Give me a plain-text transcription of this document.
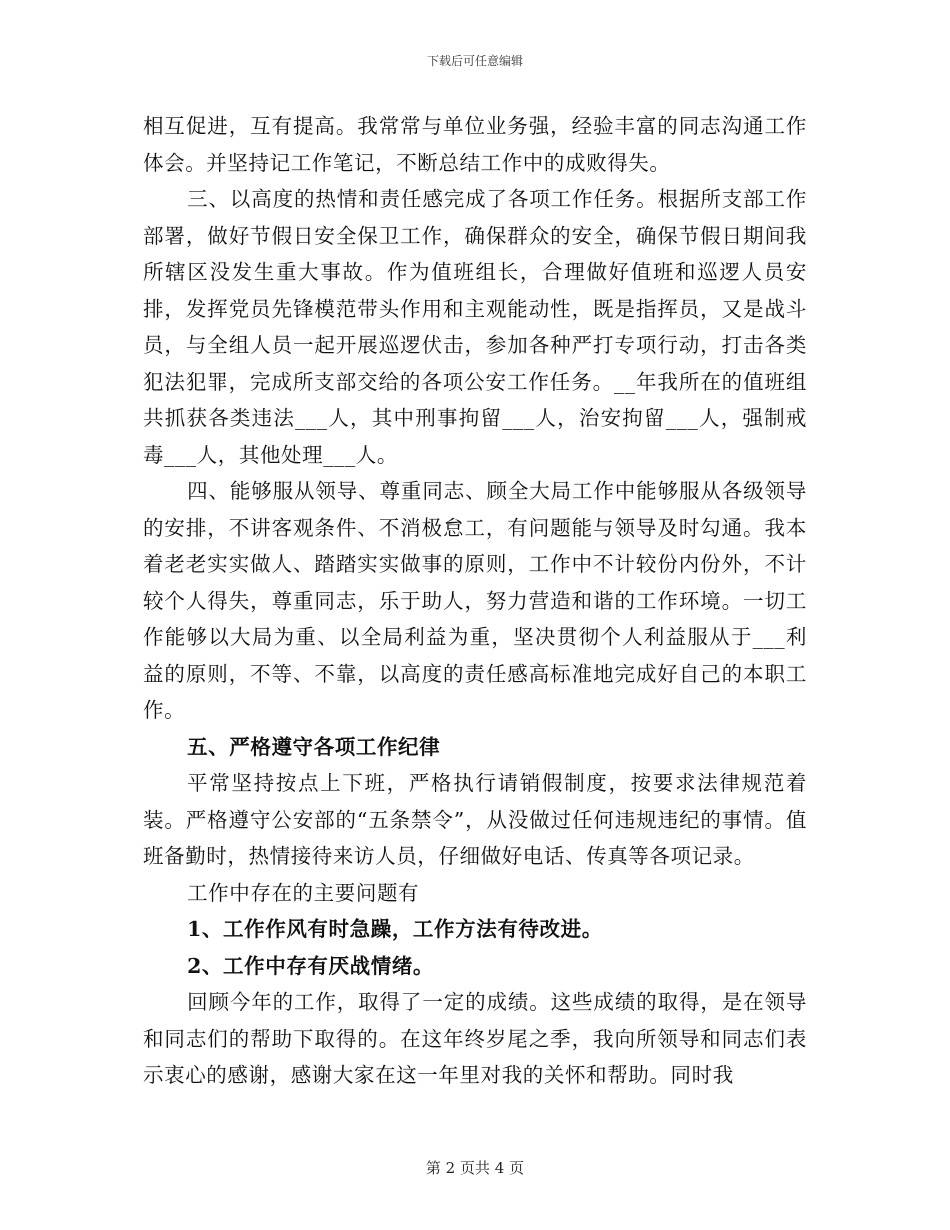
下载后可任意编辑

相互促进，互有提高。我常常与单位业务强，经验丰富的同志沟通工作体会。并坚持记工作笔记，不断总结工作中的成败得失。

三、以高度的热情和责任感完成了各项工作任务。根据所支部工作部署，做好节假日安全保卫工作，确保群众的安全，确保节假日期间我所辖区没发生重大事故。作为值班组长，合理做好值班和巡逻人员安排，发挥党员先锋模范带头作用和主观能动性，既是指挥员，又是战斗员，与全组人员一起开展巡逻伏击，参加各种严打专项行动，打击各类犯法犯罪，完成所支部交给的各项公安工作任务。__年我所在的值班组共抓获各类违法___人，其中刑事拘留___人，治安拘留___人，强制戒毒___人，其他处理___人。

四、能够服从领导、尊重同志、顾全大局工作中能够服从各级领导的安排，不讲客观条件、不消极怠工，有问题能与领导及时勾通。我本着老老实实做人、踏踏实实做事的原则，工作中不计较份内份外，不计较个人得失，尊重同志，乐于助人，努力营造和谐的工作环境。一切工作能够以大局为重、以全局利益为重，坚决贯彻个人利益服从于___利益的原则，不等、不靠，以高度的责任感高标准地完成好自己的本职工作。

五、严格遵守各项工作纪律

平常坚持按点上下班，严格执行请销假制度，按要求法律规范着装。严格遵守公安部的“五条禁令”，从没做过任何违规违纪的事情。值班备勤时，热情接待来访人员，仔细做好电话、传真等各项记录。

工作中存在的主要问题有

1、工作作风有时急躁，工作方法有待改进。

2、工作中存有厌战情绪。

回顾今年的工作，取得了一定的成绩。这些成绩的取得，是在领导和同志们的帮助下取得的。在这年终岁尾之季，我向所领导和同志们表示衷心的感谢，感谢大家在这一年里对我的关怀和帮助。同时我

第 2 页共 4 页
